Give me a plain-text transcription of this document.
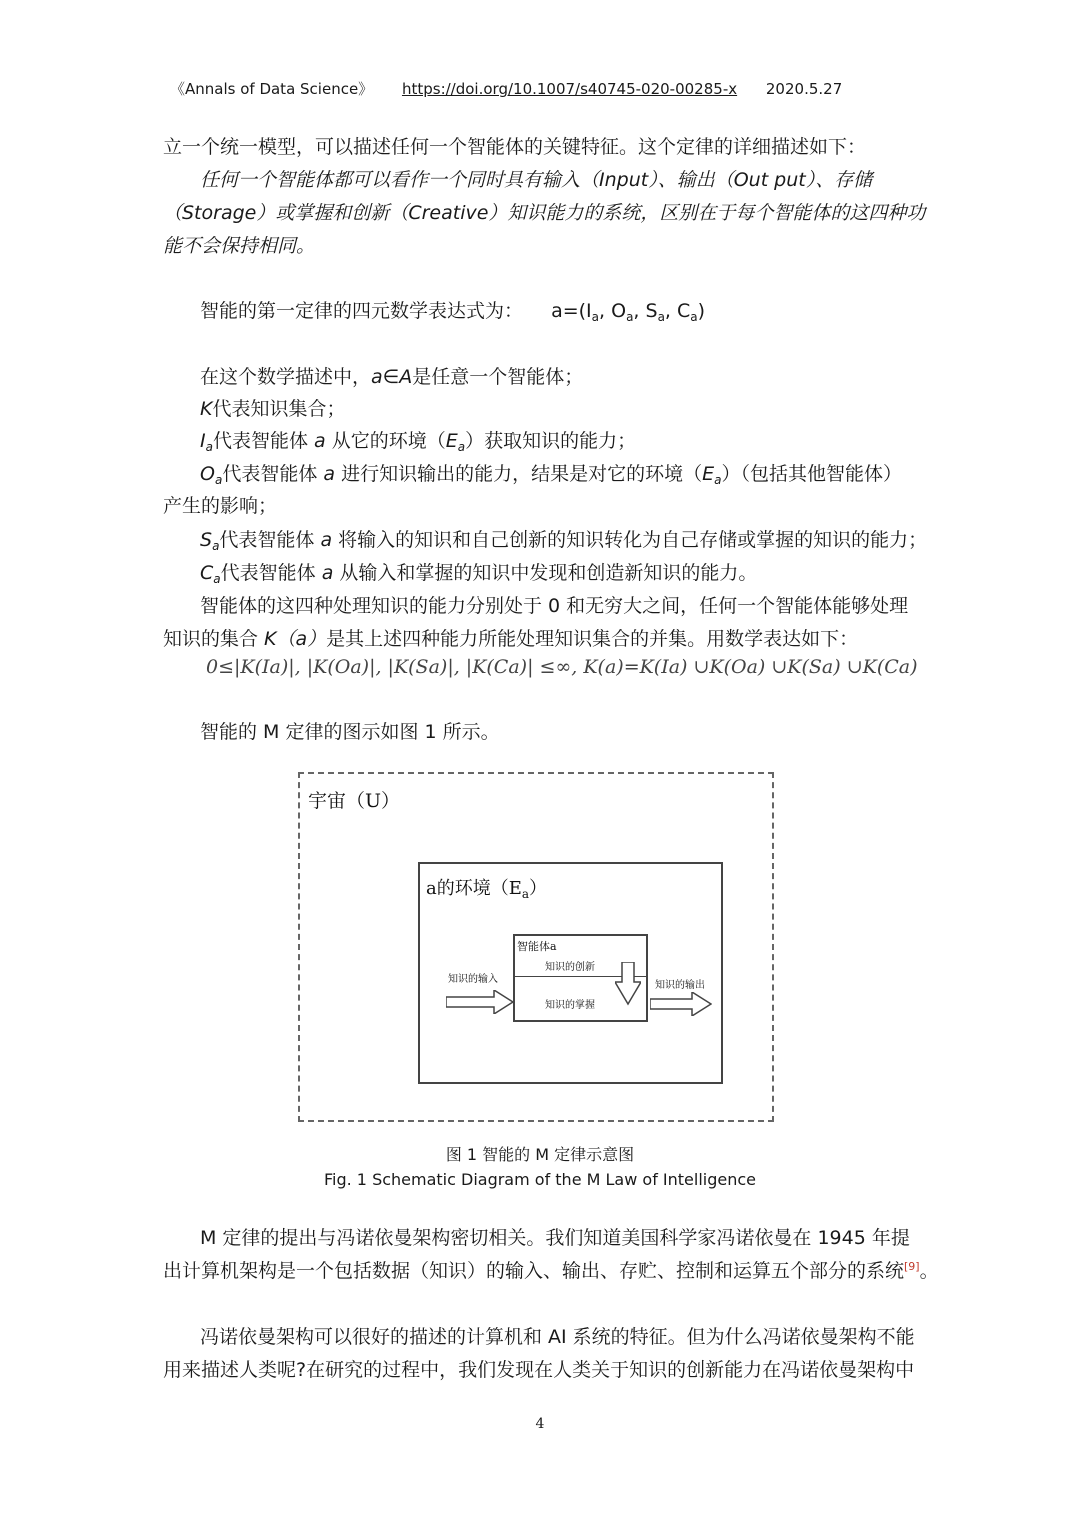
《Annals of Data Science》 https://doi.org/10.1007/s40745-020-00285-x 2020.5.27
立一个统一模型，可以描述任何一个智能体的关键特征。这个定律的详细描述如下：
任何一个智能体都可以看作一个同时具有输入（Input）、输出（Out put）、存储
（Storage）或掌握和创新（Creative）知识能力的系统，区别在于每个智能体的这四种功
能不会保持相同。
智能的第一定律的四元数学表达式为： $a=(I_a$, $O_a$, $S_a$, $C_a$)
在这个数学描述中，a∈A是任意一个智能体；
K代表知识集合；
$I_a$代表智能体 a 从它的环境$(E_a)$获取知识的能力；
$O_a$代表智能体 a 进行知识输出的能力，结果是对它的环境$(E_a)$（包括其他智能体）
产生的影响；
$S_a$代表智能体 a 将输入的知识和自己创新的知识转化为自己存储或掌握的知识的能力；
$C_a$代表智能体 a 从输入和掌握的知识中发现和创造新知识的能力。
智能体的这四种处理知识的能力分别处于 0 和无穷大之间，任何一个智能体能够处理
知识的集合 K（a）是其上述四种能力所能处理知识集合的并集。用数学表达如下：
0≤|K(Ia)|, |K(Oa)|, |K(Sa)|, |K(Ca)| ≤∞, K(a)=K(Ia) ∪K(Oa) ∪K(Sa) ∪K(Ca)
智能的 M 定律的图示如图 1 所示。
宇宙（U）
a的环境$(E_a)$
智能体a
知识的创新
知识的掌握
知识的输入
知识的输出
图 1 智能的 M 定律示意图
Fig. 1 Schematic Diagram of the M Law of Intelligence
M 定律的提出与冯诺依曼架构密切相关。我们知道美国科学家冯诺依曼在 1945 年提
出计算机架构是一个包括数据（知识）的输入、输出、存贮、控制和运算五个部分的系统[9]。
冯诺依曼架构可以很好的描述的计算机和 AI 系统的特征。但为什么冯诺依曼架构不能
用来描述人类呢?在研究的过程中，我们发现在人类关于知识的创新能力在冯诺依曼架构中
4
